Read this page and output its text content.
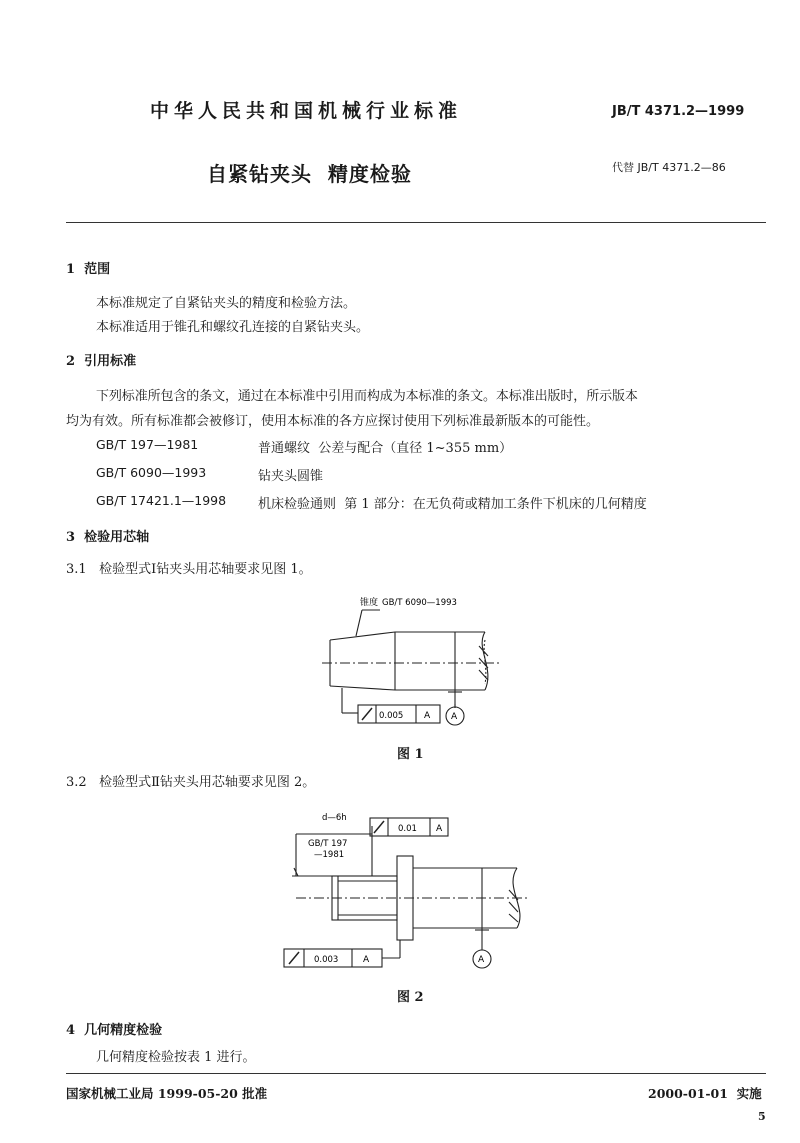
中华人民共和国机械行业标准	JB/T 4371.2—1999
自紧钻夹头  精度检验	代替 JB/T 4371.2—86
1  范围
本标准规定了自紧钻夹头的精度和检验方法。
本标准适用于锥孔和螺纹孔连接的自紧钻夹头。
2  引用标准
下列标准所包含的条文，通过在本标准中引用而构成为本标准的条文。本标准出版时，所示版本
均为有效。所有标准都会被修订，使用本标准的各方应探讨使用下列标准最新版本的可能性。
GB/T 197—1981	普通螺纹  公差与配合（直径 1~355 mm）
GB/T 6090—1993	钻夹头圆锥
GB/T 17421.1—1998 机床检验通则  第 1 部分：在无负荷或精加工条件下机床的几何精度
3  检验用芯轴
3.1   检验型式Ⅰ钻夹头用芯轴要求见图 1。
锥度 GB/T 6090—1993
0.005 A A
图 1
3.2   检验型式Ⅱ钻夹头用芯轴要求见图 2。
d—6h
GB/T 197
—1981
0.01 A
0.003	A	A
图 2
4  几何精度检验
几何精度检验按表 1 进行。
国家机械工业局 1999-05-20 批准	2000-01-01  实施
5
